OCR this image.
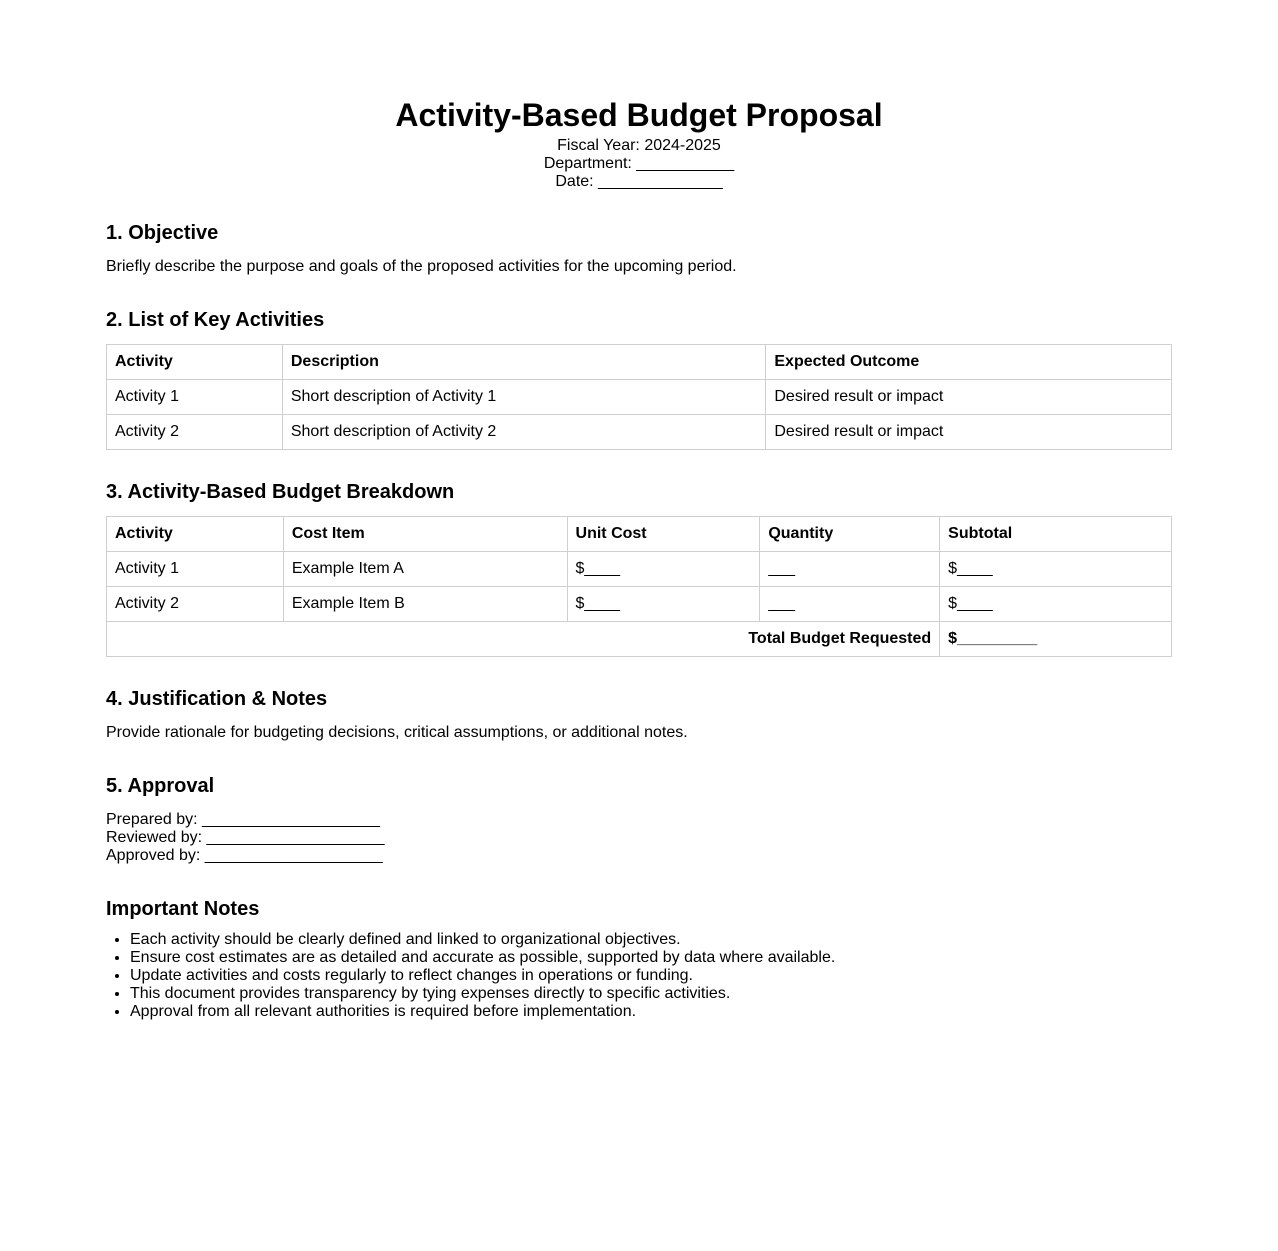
Activity-Based Budget Proposal
Fiscal Year: 2024-2025
Department: ___________
Date: ______________
1. Objective
Briefly describe the purpose and goals of the proposed activities for the upcoming period.
2. List of Key Activities
Activity	Description	Expected Outcome
Activity 1	Short description of Activity 1	Desired result or impact
Activity 2	Short description of Activity 2	Desired result or impact
3. Activity-Based Budget Breakdown
Activity	Cost Item	Unit Cost	Quantity	Subtotal
Activity 1	Example Item A	$____	___	$____
Activity 2	Example Item B	$____	___	$____
Total Budget Requested				$_________
4. Justification & Notes
Provide rationale for budgeting decisions, critical assumptions, or additional notes.
5. Approval
Prepared by: ____________________
Reviewed by: ____________________
Approved by: ____________________
Important Notes
• Each activity should be clearly defined and linked to organizational objectives.
• Ensure cost estimates are as detailed and accurate as possible, supported by data where available.
• Update activities and costs regularly to reflect changes in operations or funding.
• This document provides transparency by tying expenses directly to specific activities.
• Approval from all relevant authorities is required before implementation.
